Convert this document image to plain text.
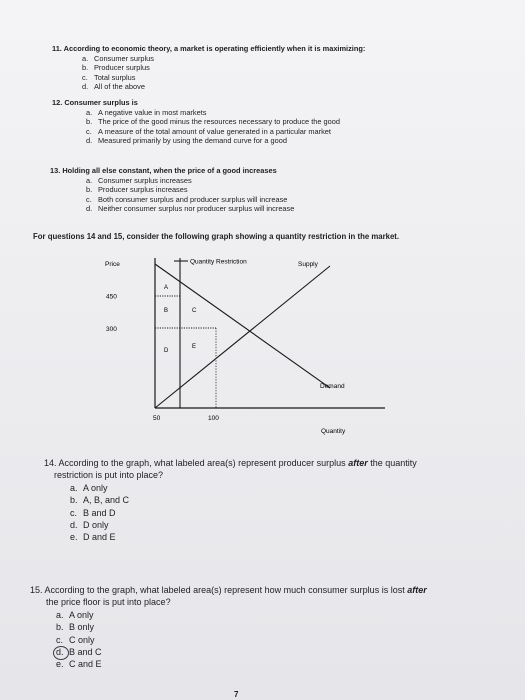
11. According to economic theory, a market is operating efficiently when it is maximizing:
a. Consumer surplus
b. Producer surplus
c. Total surplus
d. All of the above
12. Consumer surplus is
a. A negative value in most markets
b. The price of the good minus the resources necessary to produce the good
c. A measure of the total amount of value generated in a particular market
d. Measured primarily by using the demand curve for a good
13. Holding all else constant, when the price of a good increases
a. Consumer surplus increases
b. Producer surplus increases
c. Both consumer surplus and producer surplus will increase
d. Neither consumer surplus nor producer surplus will increase
For questions 14 and 15, consider the following graph showing a quantity restriction in the market.
Quantity Restriction
Price	Supply
Demand
Quantity
450
300
50	100
A
B	C
D
E
14. According to the graph, what labeled area(s) represent producer surplus after the quantity
restriction is put into place?
a. A only
b. A, B, and C
c. B and D
d. D only
e. D and E
15. According to the graph, what labeled area(s) represent how much consumer surplus is lost after
the price floor is put into place?
a. A only
b. B only
c. C only
d. B and C
e. C and E
7
